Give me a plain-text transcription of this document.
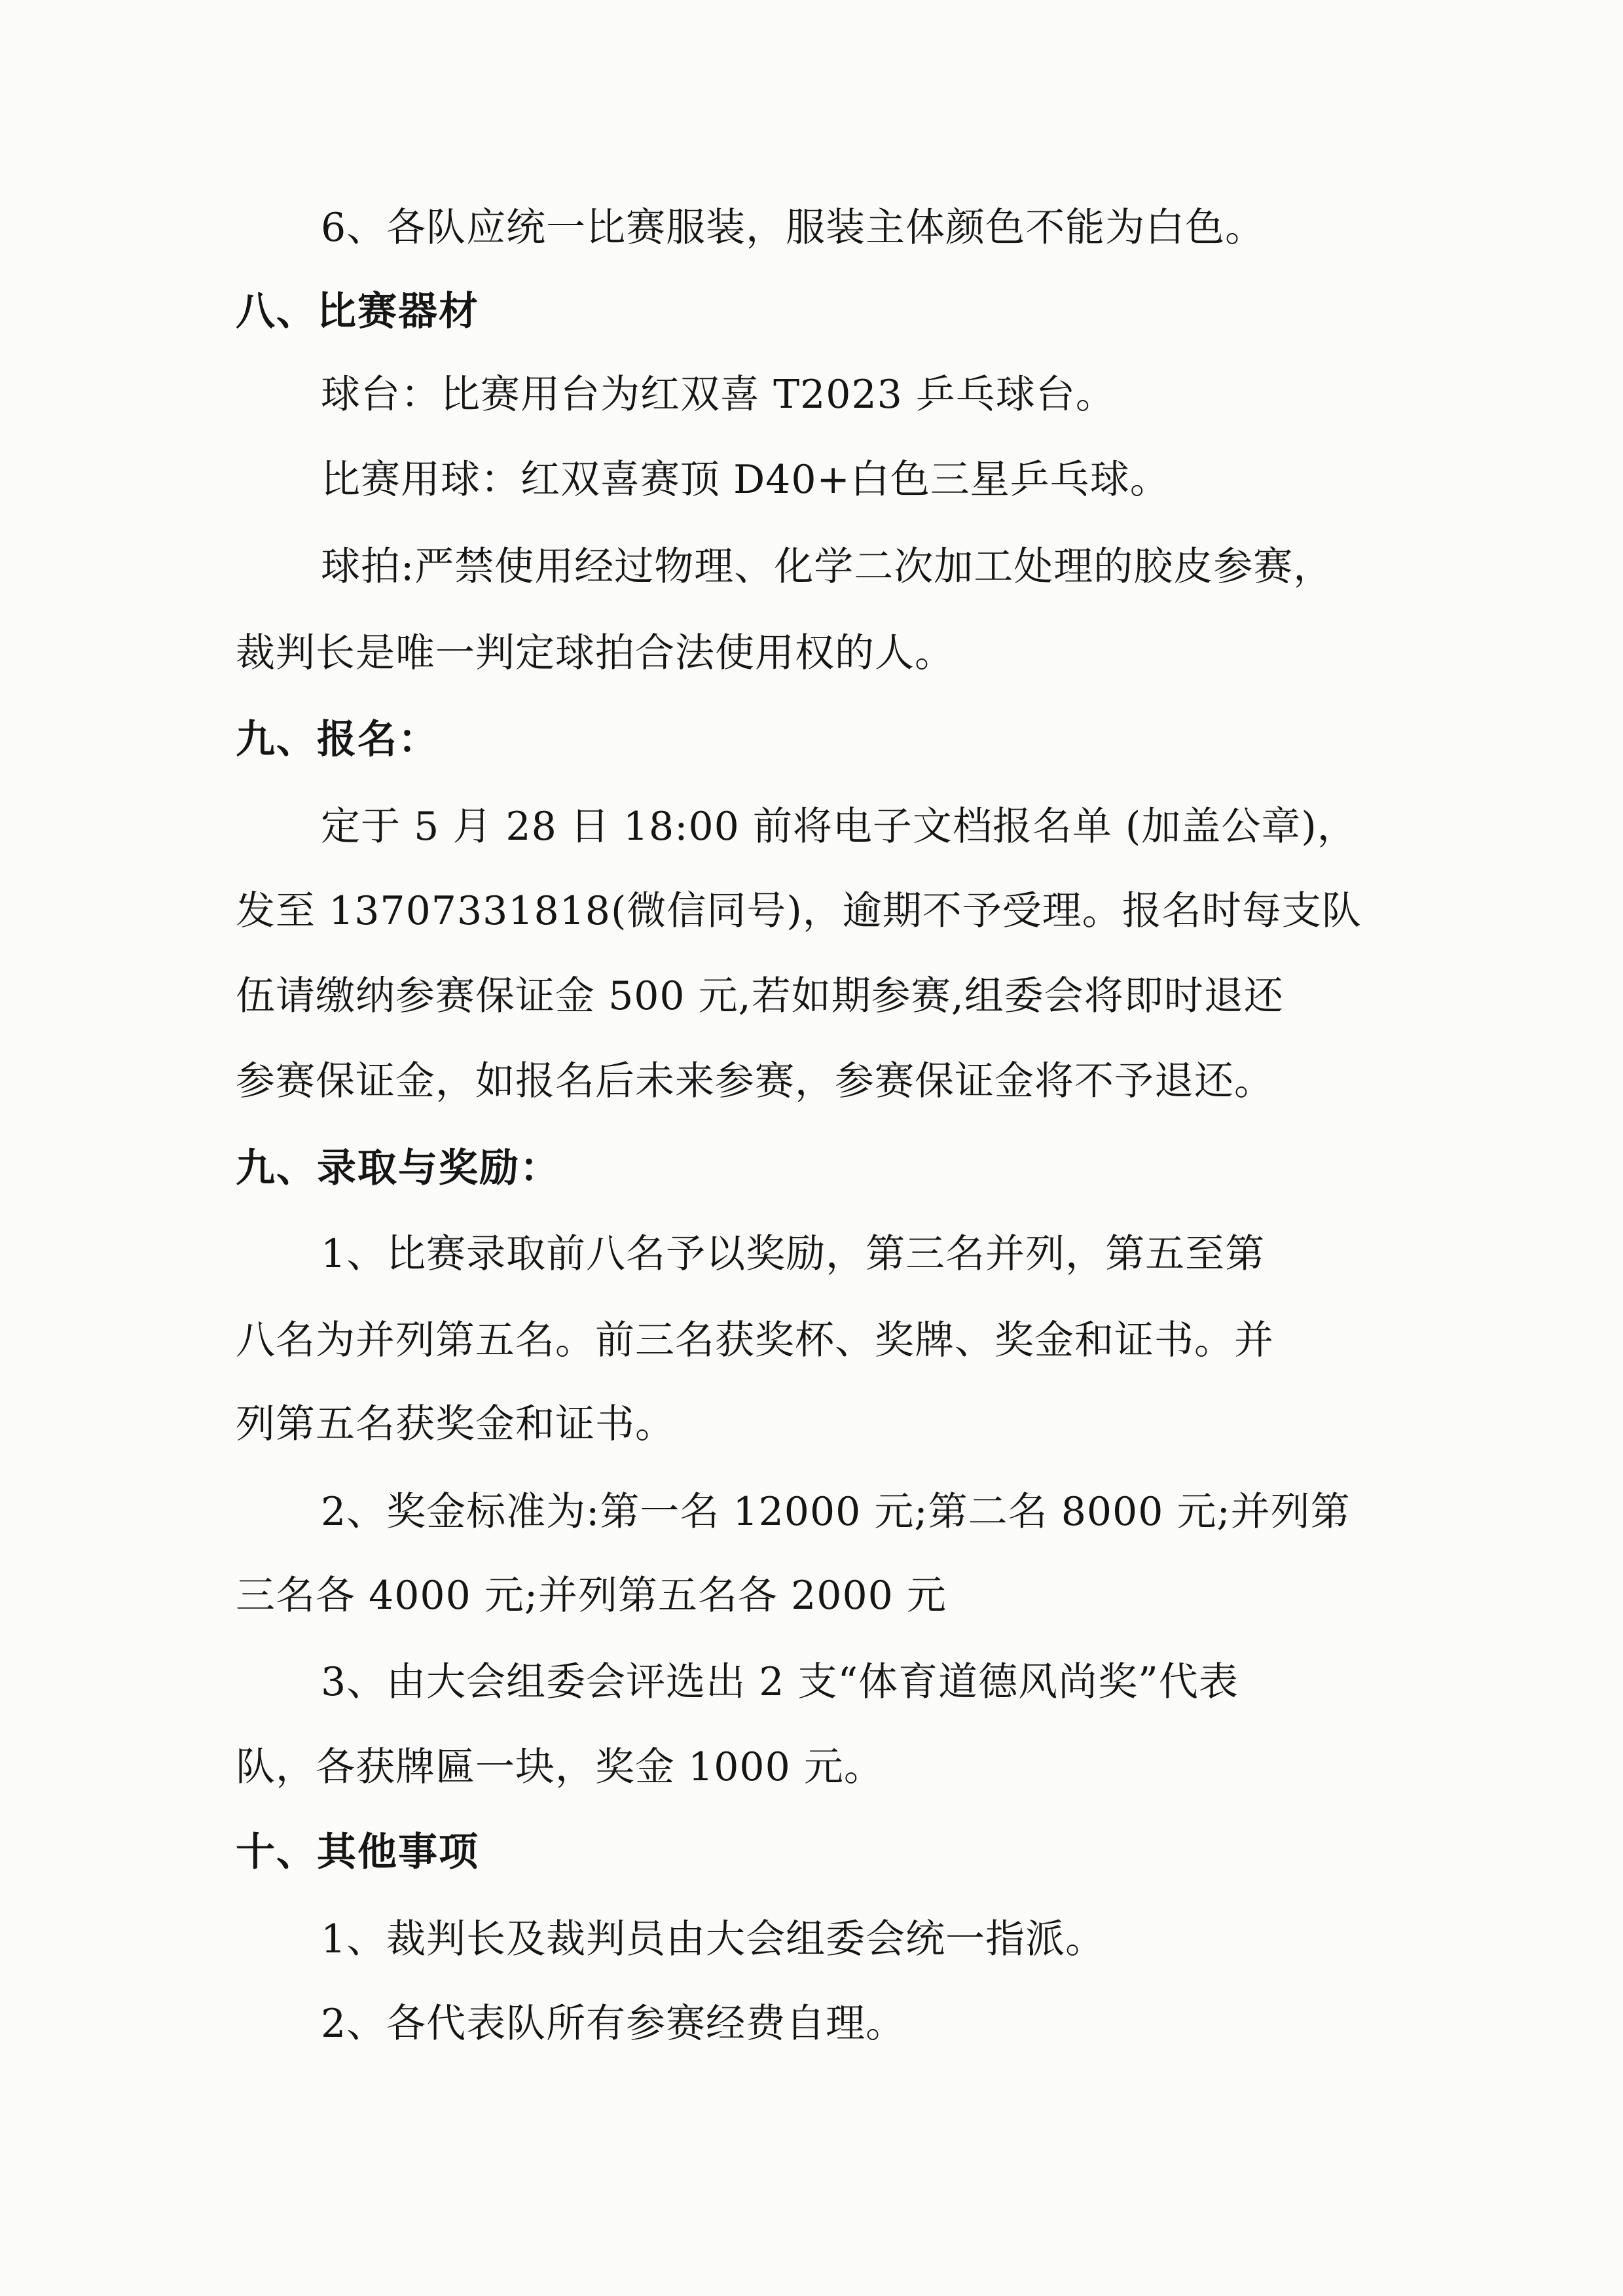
6、各队应统一比赛服装，服装主体颜色不能为白色。
八、比赛器材
球台：比赛用台为红双喜 T2023 乒乓球台。
比赛用球：红双喜赛顶 D40+白色三星乒乓球。
球拍:严禁使用经过物理、化学二次加工处理的胶皮参赛，
裁判长是唯一判定球拍合法使用权的人。
九、报名：
定于 5 月 28 日 18:00 前将电子文档报名单 (加盖公章)，
发至 13707331818(微信同号)，逾期不予受理。报名时每支队
伍请缴纳参赛保证金 500 元,若如期参赛,组委会将即时退还
参赛保证金，如报名后未来参赛，参赛保证金将不予退还。
九、录取与奖励：
1、比赛录取前八名予以奖励，第三名并列，第五至第
八名为并列第五名。前三名获奖杯、奖牌、奖金和证书。并
列第五名获奖金和证书。
2、奖金标准为:第一名 12000 元;第二名 8000 元;并列第
三名各 4000 元;并列第五名各 2000 元
3、由大会组委会评选出 2 支“体育道德风尚奖”代表
队，各获牌匾一块，奖金 1000 元。
十、其他事项
1、裁判长及裁判员由大会组委会统一指派。
2、各代表队所有参赛经费自理。
